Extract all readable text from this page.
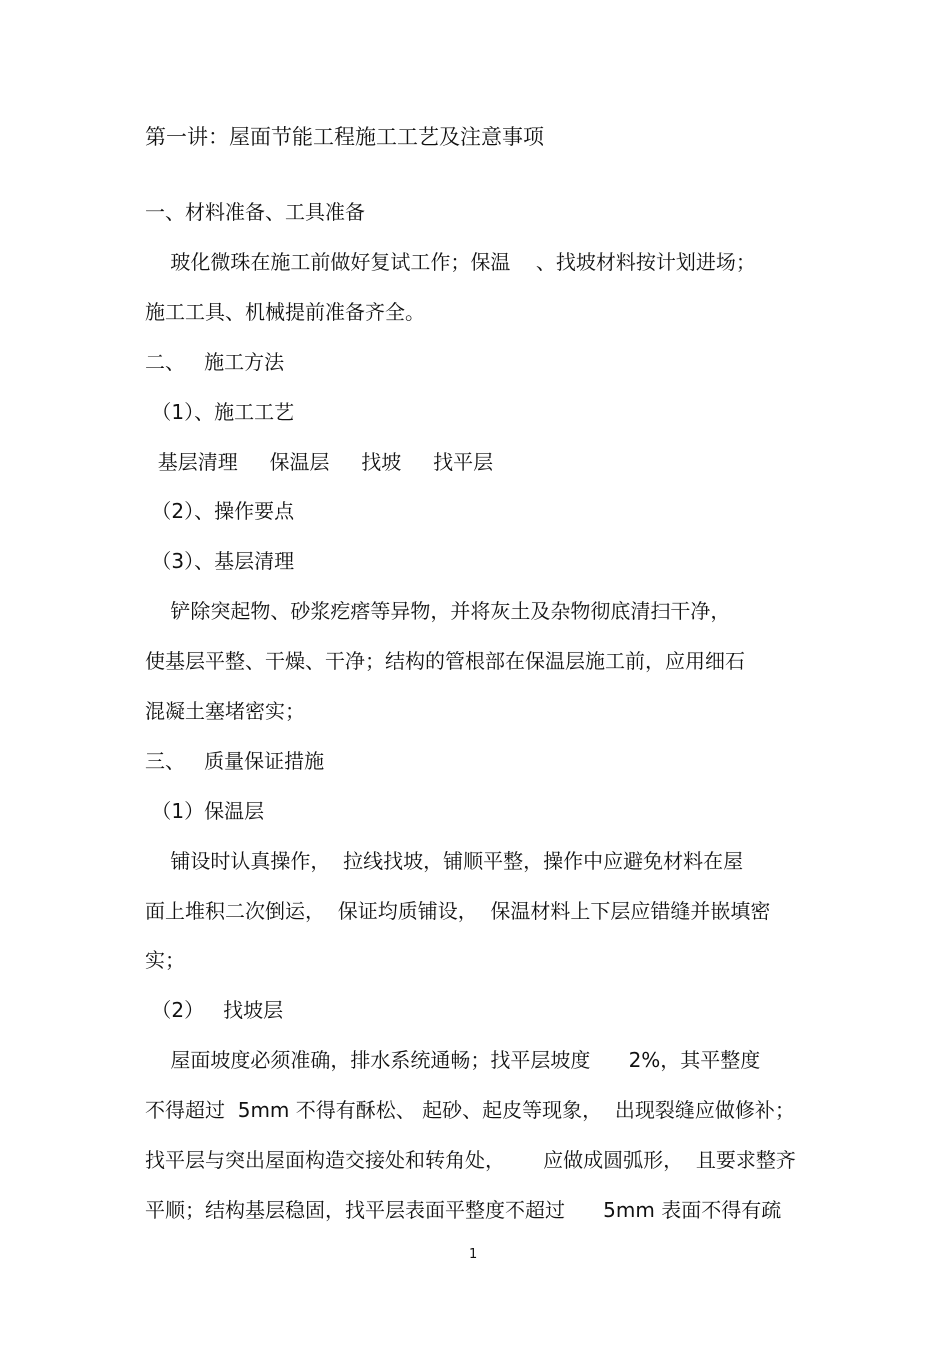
第一讲：屋面节能工程施工工艺及注意事项
一、材料准备、工具准备
玻化微珠在施工前做好复试工作；保温    、找坡材料按计划进场；
施工工具、机械提前准备齐全。
二、   施工方法
（1）、施工工艺
基层清理     保温层     找坡     找平层
（2）、操作要点
（3）、基层清理
铲除突起物、砂浆疙瘩等异物，并将灰土及杂物彻底清扫干净，
使基层平整、干燥、干净；结构的管根部在保温层施工前，应用细石
混凝土塞堵密实；
三、   质量保证措施
（1）保温层
铺设时认真操作，  拉线找坡，铺顺平整，操作中应避免材料在屋
面上堆积二次倒运，  保证均质铺设，  保温材料上下层应错缝并嵌填密
实；
（2）   找坡层
屋面坡度必须准确，排水系统通畅；找平层坡度      2%，其平整度
不得超过  5mm 不得有酥松、 起砂、起皮等现象，  出现裂缝应做修补；
找平层与突出屋面构造交接处和转角处，      应做成圆弧形，  且要求整齐
平顺；结构基层稳固，找平层表面平整度不超过      5mm 表面不得有疏
1
